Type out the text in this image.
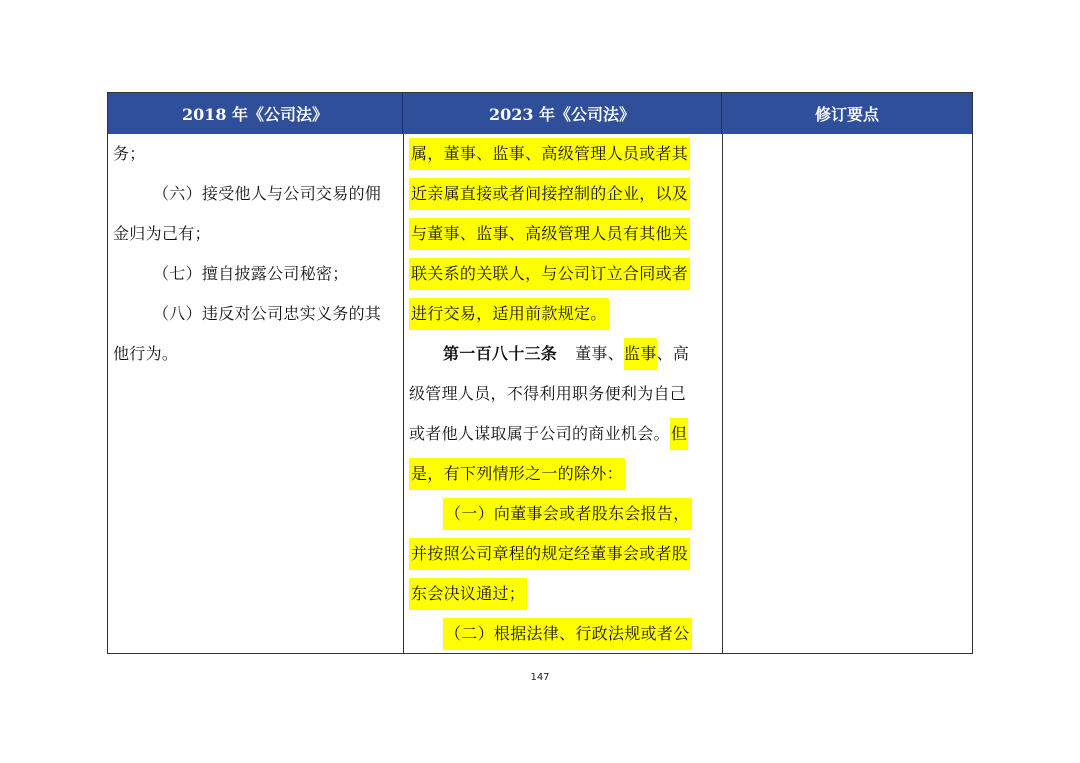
2018 年《公司法》	2023 年《公司法》	修订要点
务；
（六）接受他人与公司交易的佣
金归为己有；
（七）擅自披露公司秘密；
（八）违反对公司忠实义务的其
他行为。
属，董事、监事、高级管理人员或者其
近亲属直接或者间接控制的企业，以及
与董事、监事、高级管理人员有其他关
联关系的关联人，与公司订立合同或者
进行交易，适用前款规定。
第一百八十三条 董事、监事、高
级管理人员，不得利用职务便利为自己
或者他人谋取属于公司的商业机会。但
是，有下列情形之一的除外：
（一）向董事会或者股东会报告，
并按照公司章程的规定经董事会或者股
东会决议通过；
（二）根据法律、行政法规或者公
147
